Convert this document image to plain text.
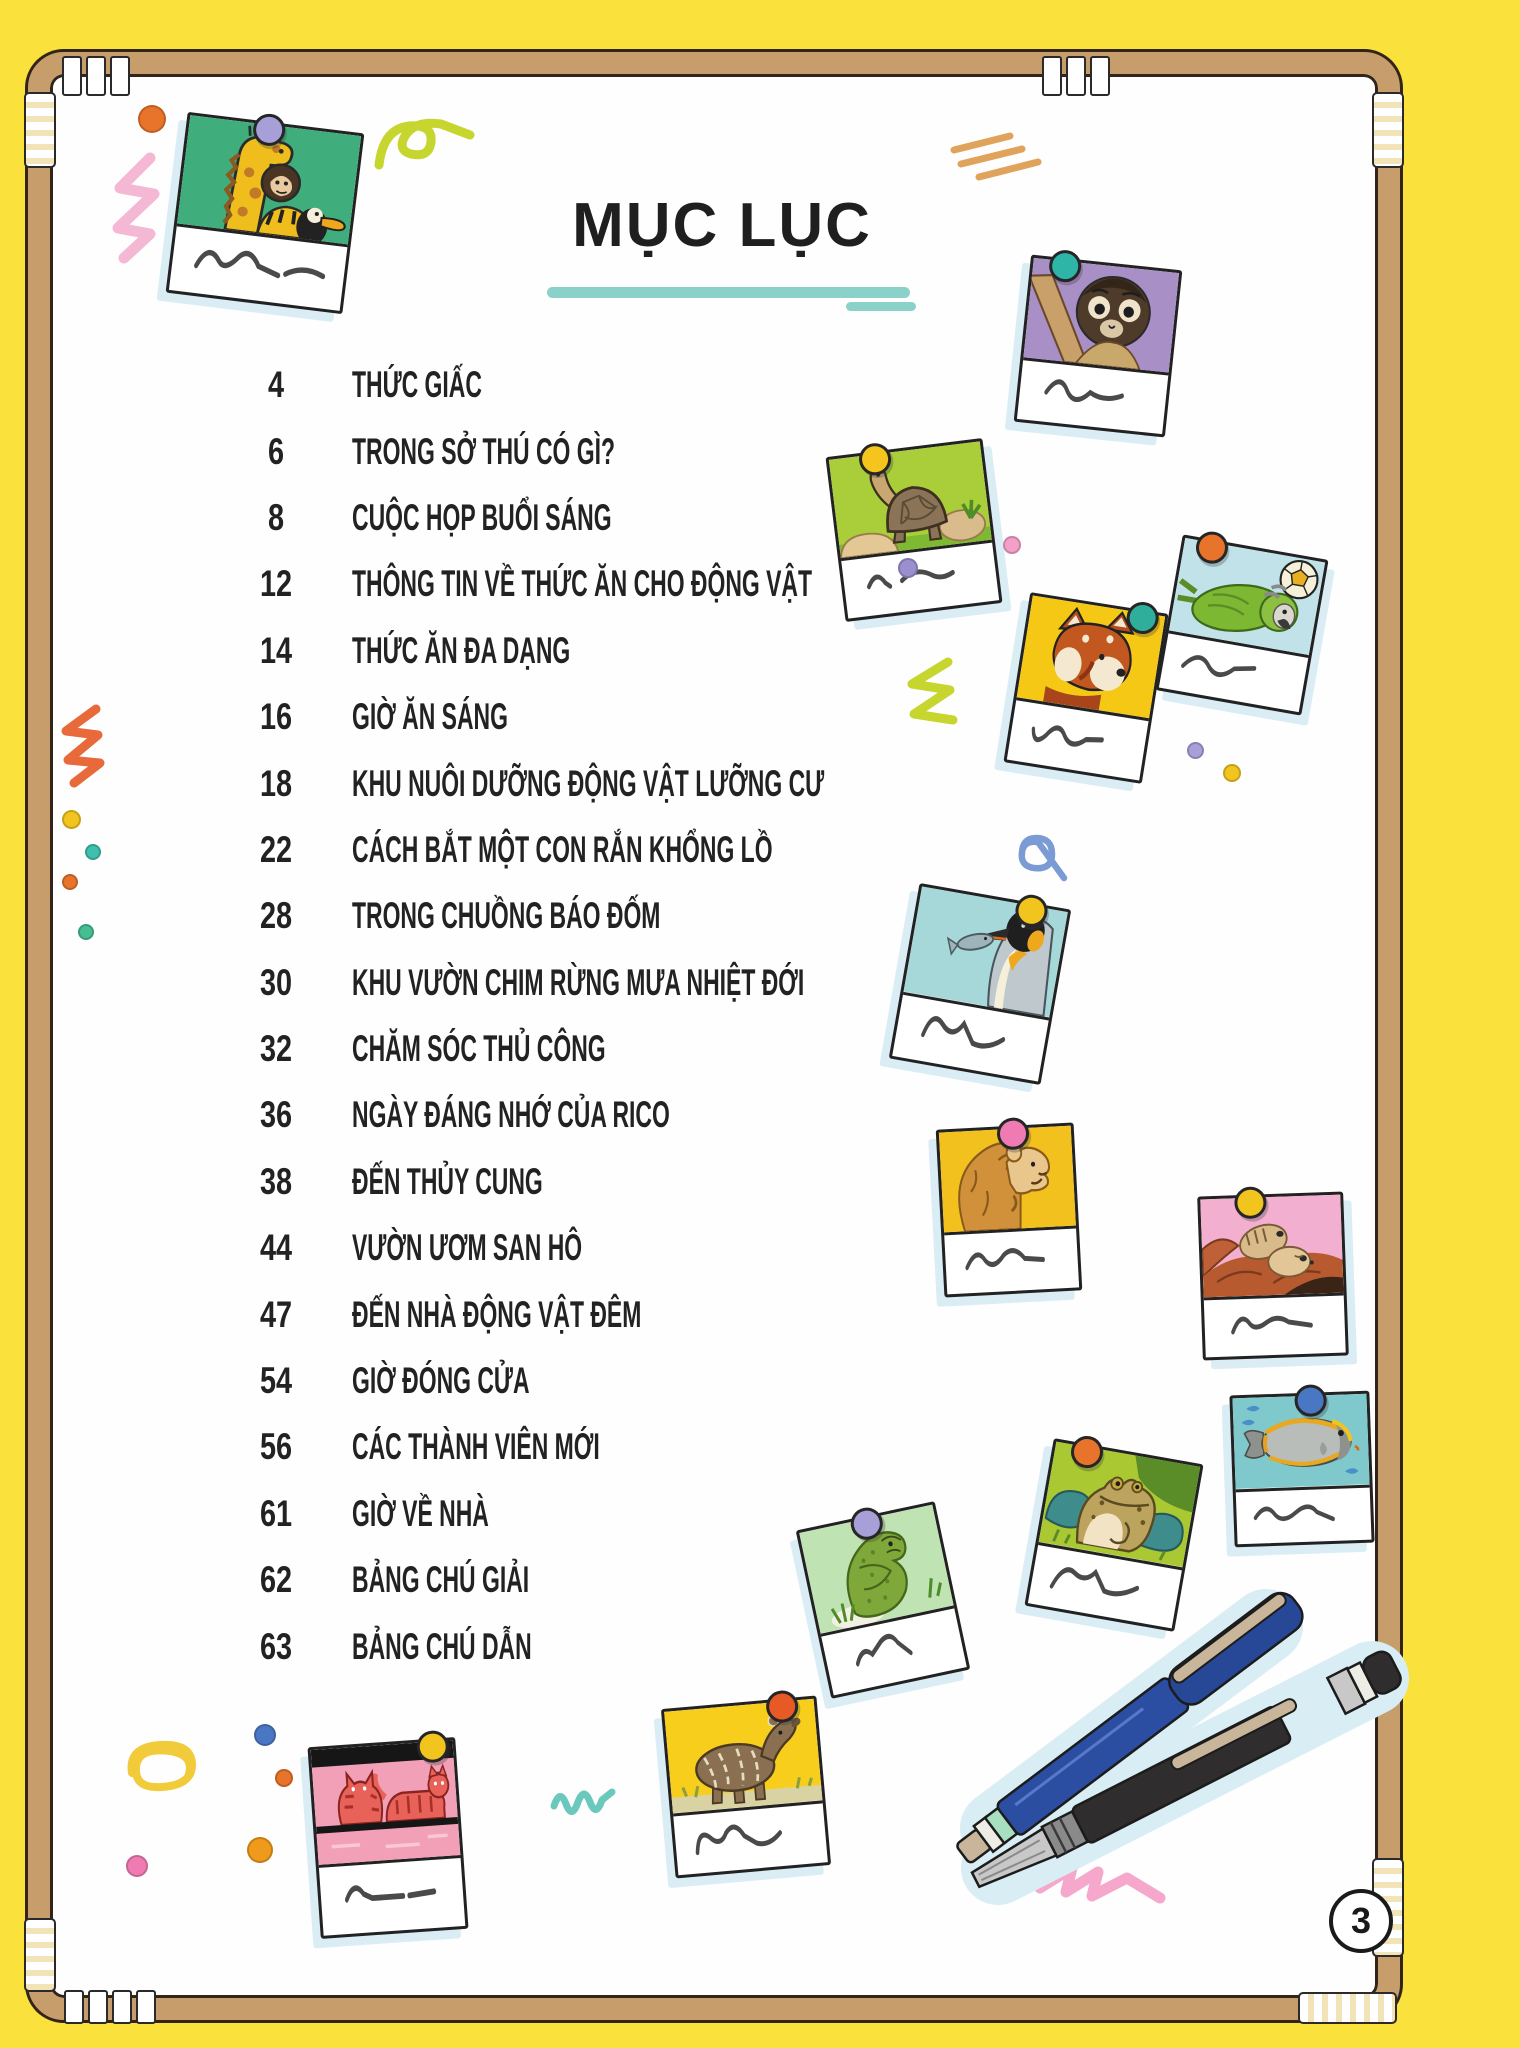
MỤC LỤC
4	THỨC GIẤC
6	TRONG SỞ THÚ CÓ GÌ?
8	CUỘC HỌP BUỔI SÁNG
12	THÔNG TIN VỀ THỨC ĂN CHO ĐỘNG VẬT
14	THỨC ĂN ĐA DẠNG
16	GIỜ ĂN SÁNG
18	KHU NUÔI DƯỠNG ĐỘNG VẬT LƯỠNG CƯ
22	CÁCH BẮT MỘT CON RẮN KHỔNG LỒ
28	TRONG CHUỒNG BÁO ĐỐM
30	KHU VƯỜN CHIM RỪNG MƯA NHIỆT ĐỚI
32	CHĂM SÓC THỦ CÔNG
36	NGÀY ĐÁNG NHỚ CỦA RICO
38	ĐẾN THỦY CUNG
44	VƯỜN ƯƠM SAN HÔ
47	ĐẾN NHÀ ĐỘNG VẬT ĐÊM
54	GIỜ ĐÓNG CỬA
56	CÁC THÀNH VIÊN MỚI
61	GIỜ VỀ NHÀ
62	BẢNG CHÚ GIẢI
63	BẢNG CHÚ DẪN
3
